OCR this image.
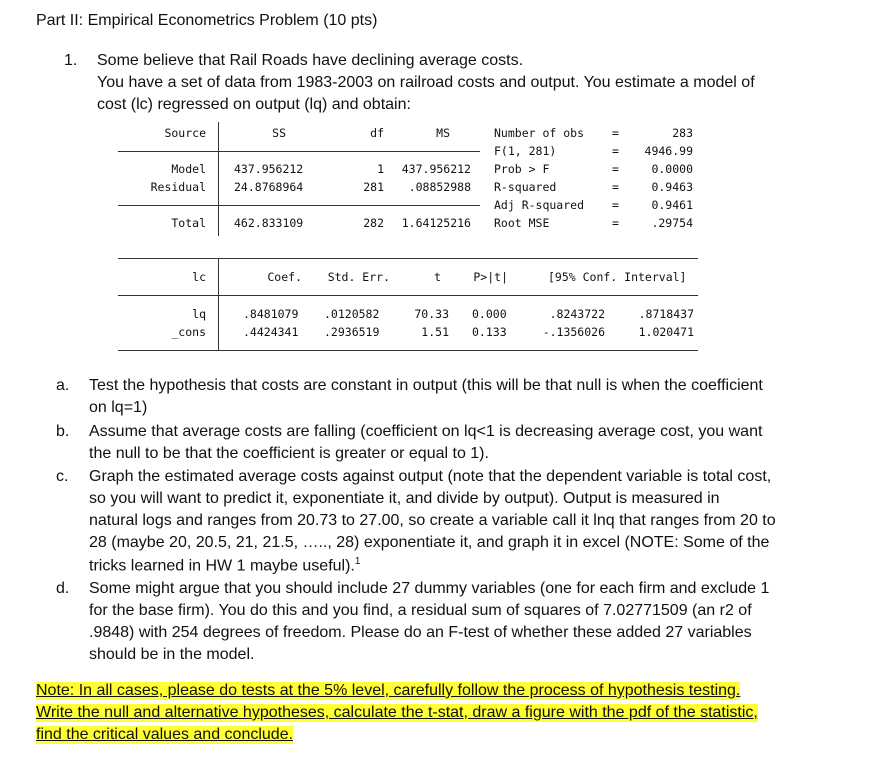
Part II: Empirical Econometrics Problem (10 pts)
1. Some believe that Rail Roads have declining average costs.
You have a set of data from 1983-2003 on railroad costs and output. You estimate a model of
cost (lc) regressed on output (lq) and obtain:
Source	SS	df	MS
Model 437.956212	1	437.956212
Residual 24.8768964	281	.08852988
Total 462.833109	282	1.64125216
Number of obs =	283
F(1, 281)	=	4946.99
Prob > F	=	0.0000
R-squared	=	0.9463
Adj R-squared =	0.9461
Root MSE	=	.29754
lc	Coef.	Std. Err.	t	P>|t|	[95% Conf. Interval]
lq	.8481079 .0120582	70.33 0.000	.8243722	.8718437
_cons	.4424341 .2936519	1.51 0.133	-.1356026	1.020471
a. Test the hypothesis that costs are constant in output (this will be that null is when the coefficient
on lq=1)
b. Assume that average costs are falling (coefficient on lq<1 is decreasing average cost, you want
the null to be that the coefficient is greater or equal to 1).
c. Graph the estimated average costs against output (note that the dependent variable is total cost,
so you will want to predict it, exponentiate it, and divide by output). Output is measured in
natural logs and ranges from 20.73 to 27.00, so create a variable call it lnq that ranges from 20 to
28 (maybe 20, 20.5, 21, 21.5, ….., 28) exponentiate it, and graph it in excel (NOTE: Some of the
tricks learned in HW 1 maybe useful).$^1$
d. Some might argue that you should include 27 dummy variables (one for each firm and exclude 1
for the base firm). You do this and you find, a residual sum of squares of 7.02771509 (an r2 of
.9848) with 254 degrees of freedom. Please do an F-test of whether these added 27 variables
should be in the model.
Note: In all cases, please do tests at the 5% level, carefully follow the process of hypothesis testing.
Write the null and alternative hypotheses, calculate the t-stat, draw a figure with the pdf of the statistic,
find the critical values and conclude.
